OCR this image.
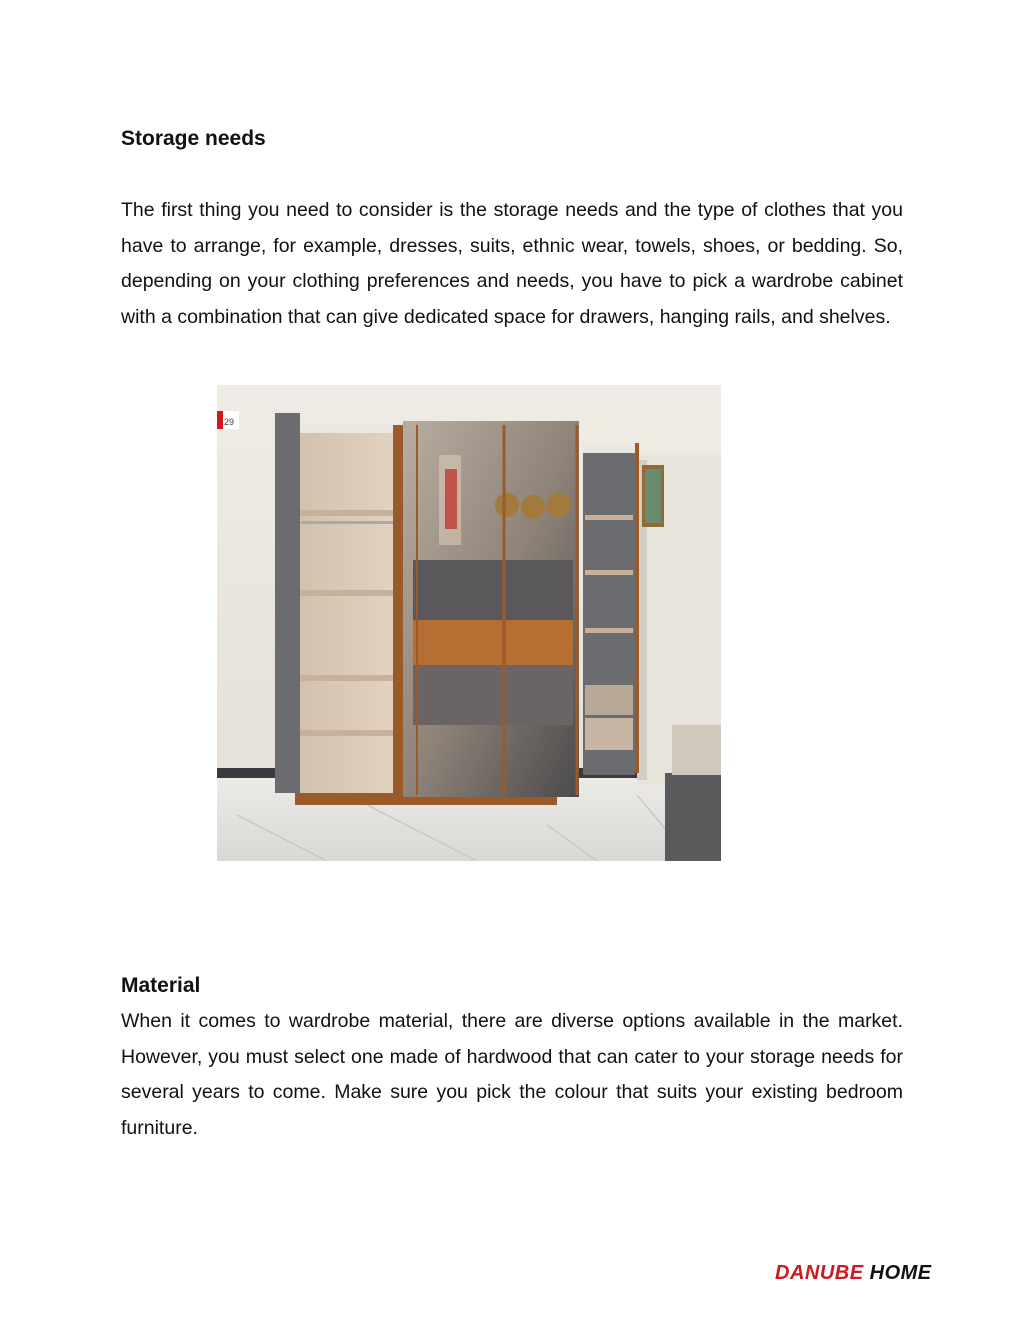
Storage needs

The first thing you need to consider is the storage needs and the type of clothes that you have to arrange, for example, dresses, suits, ethnic wear, towels, shoes, or bedding. So, depending on your clothing preferences and needs, you have to pick a wardrobe cabinet with a combination that can give dedicated space for drawers, hanging rails, and shelves.

29
Material

When it comes to wardrobe material, there are diverse options available in the market. However, you must select one made of hardwood that can cater to your storage needs for several years to come. Make sure you pick the colour that suits your existing bedroom furniture.

DANUBE HOME
